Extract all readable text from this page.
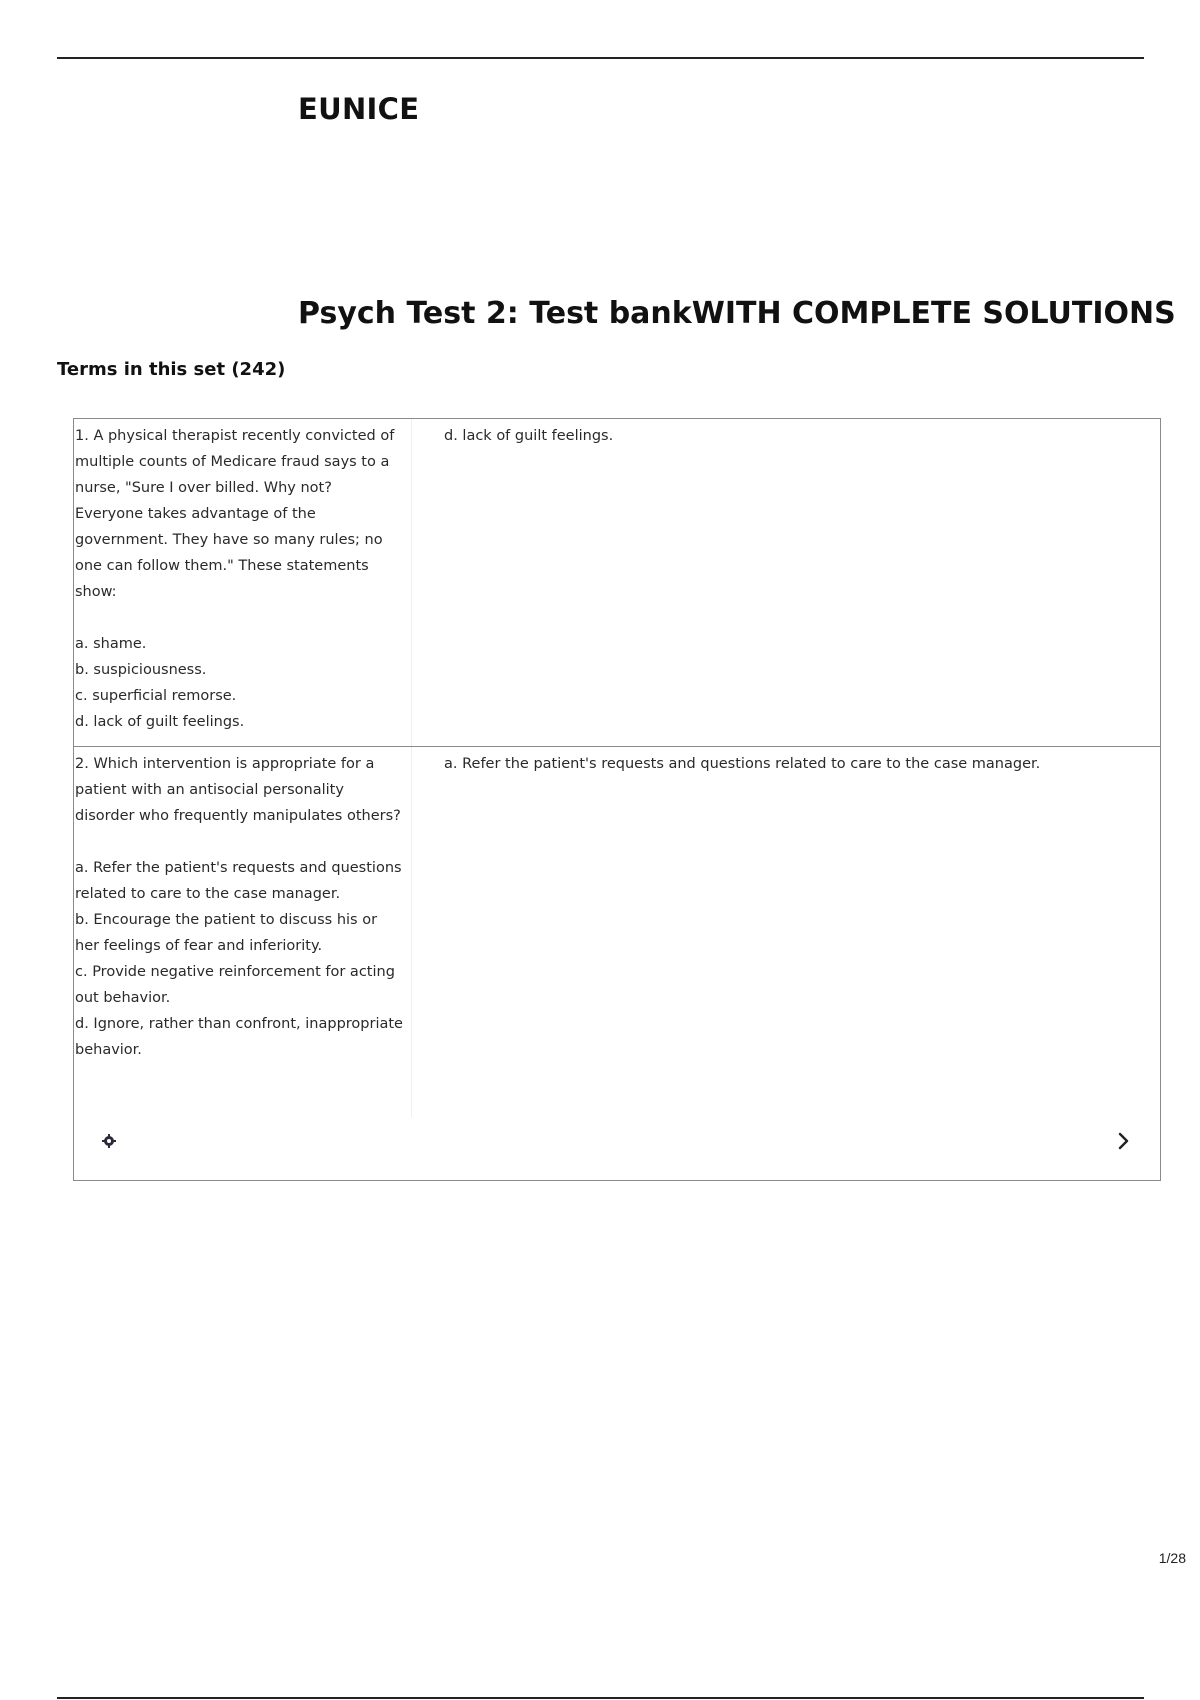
EUNICE
Psych Test 2: Test bankWITH COMPLETE SOLUTIONS
Terms in this set (242)
1. A physical therapist recently convicted of multiple counts of Medicare fraud says to a nurse, "Sure I over billed. Why not? Everyone takes advantage of the government. They have so many rules; no one can follow them." These statements show:
a. shame.
b. suspiciousness.
c. superficial remorse.
d. lack of guilt feelings.
d. lack of guilt feelings.
2. Which intervention is appropriate for a patient with an antisocial personality disorder who frequently manipulates others?
a. Refer the patient's requests and questions related to care to the case manager.
b. Encourage the patient to discuss his or her feelings of fear and inferiority.
c. Provide negative reinforcement for acting out behavior.
d. Ignore, rather than confront, inappropriate behavior.
a. Refer the patient's requests and questions related to care to the case manager.
1/28
